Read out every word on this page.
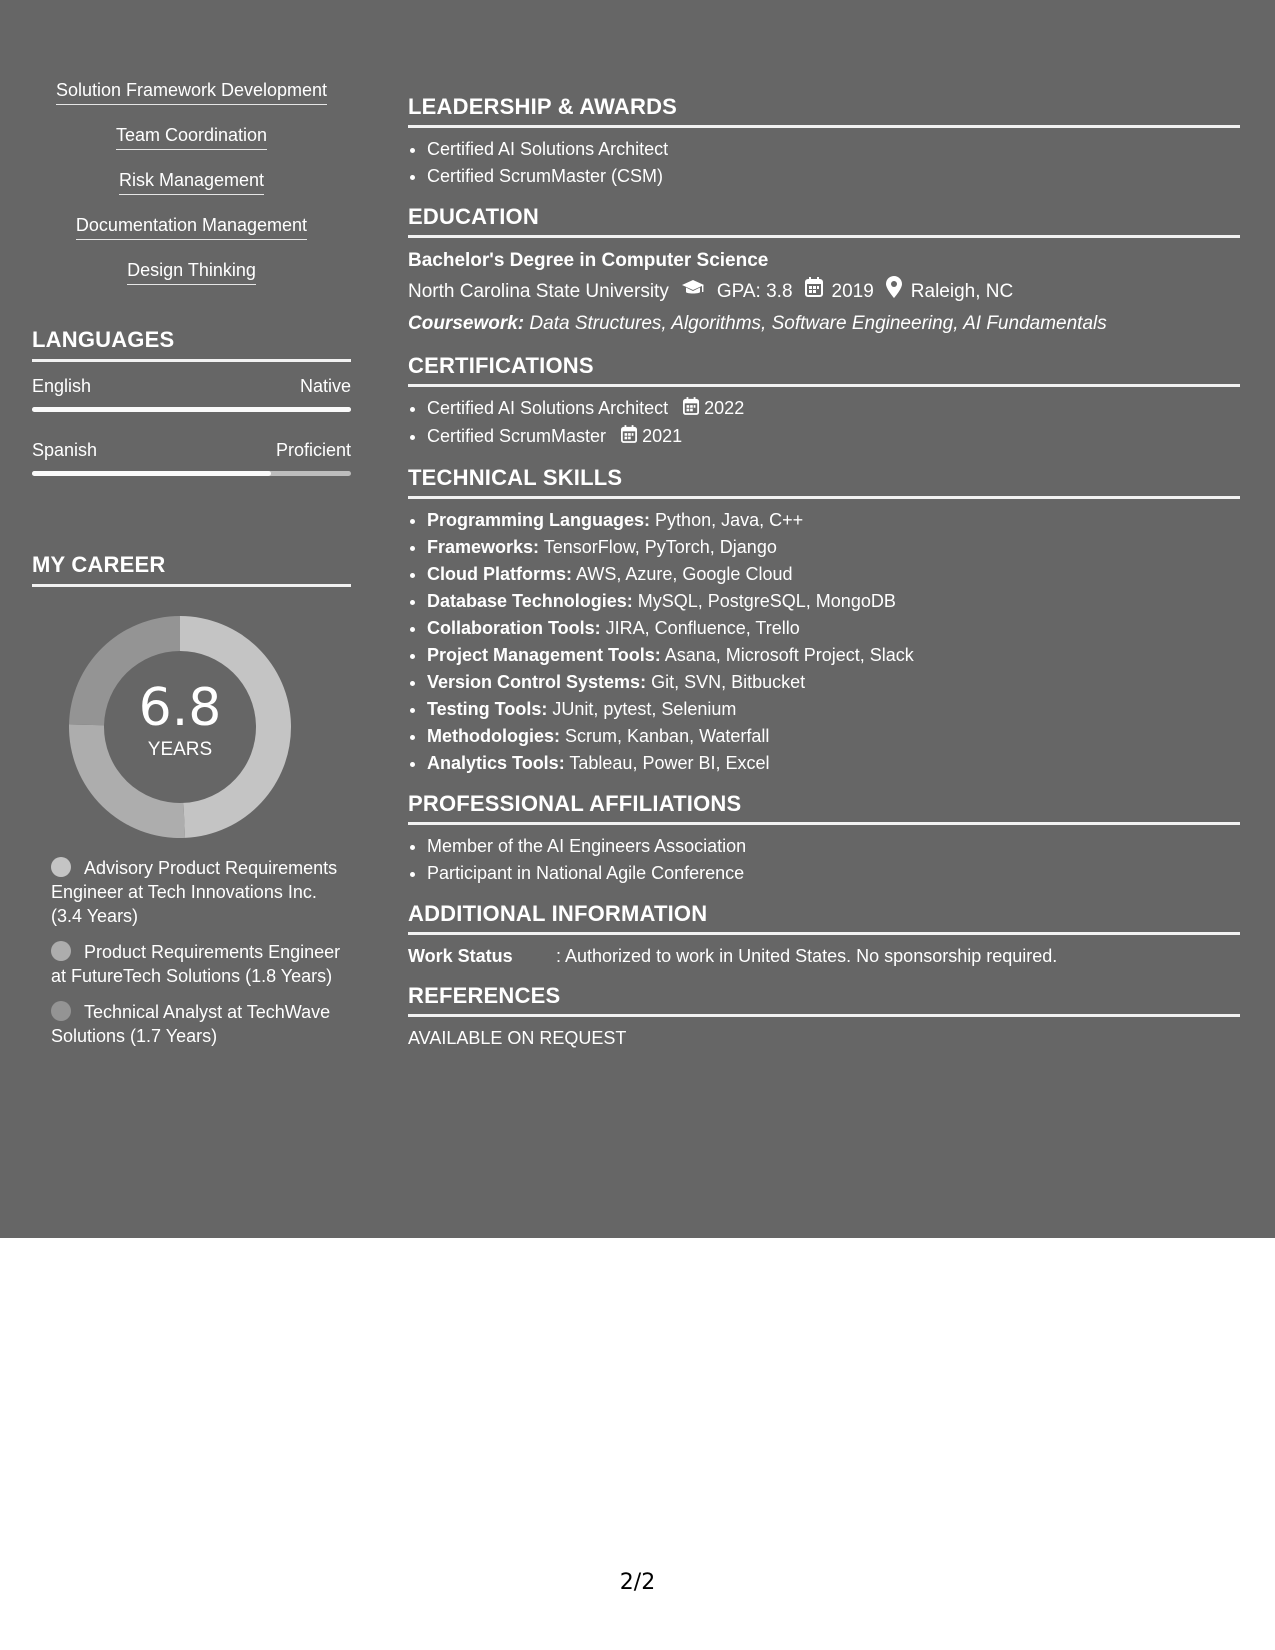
Solution Framework Development
Team Coordination
Risk Management
Documentation Management
Design Thinking
LANGUAGES
English	Native
Spanish	Proficient
MY CAREER
6.8
YEARS
Advisory Product Requirements Engineer at Tech Innovations Inc. (3.4 Years)
Product Requirements Engineer at FutureTech Solutions (1.8 Years)
Technical Analyst at TechWave Solutions (1.7 Years)
LEADERSHIP & AWARDS
• Certified AI Solutions Architect
• Certified ScrumMaster (CSM)
EDUCATION
Bachelor's Degree in Computer Science
North Carolina State University	GPA: 3.8 2019 Raleigh, NC
Coursework: Data Structures, Algorithms, Software Engineering, AI Fundamentals
CERTIFICATIONS
• Certified AI Solutions Architect 2022
• Certified ScrumMaster 2021
TECHNICAL SKILLS
• Programming Languages: Python, Java, C++
• Frameworks: TensorFlow, PyTorch, Django
• Cloud Platforms: AWS, Azure, Google Cloud
• Database Technologies: MySQL, PostgreSQL, MongoDB
• Collaboration Tools: JIRA, Confluence, Trello
• Project Management Tools: Asana, Microsoft Project, Slack
• Version Control Systems: Git, SVN, Bitbucket
• Testing Tools: JUnit, pytest, Selenium
• Methodologies: Scrum, Kanban, Waterfall
• Analytics Tools: Tableau, Power BI, Excel
PROFESSIONAL AFFILIATIONS
• Member of the AI Engineers Association
• Participant in National Agile Conference
ADDITIONAL INFORMATION
Work Status : Authorized to work in United States. No sponsorship required.
REFERENCES
AVAILABLE ON REQUEST
2/2
